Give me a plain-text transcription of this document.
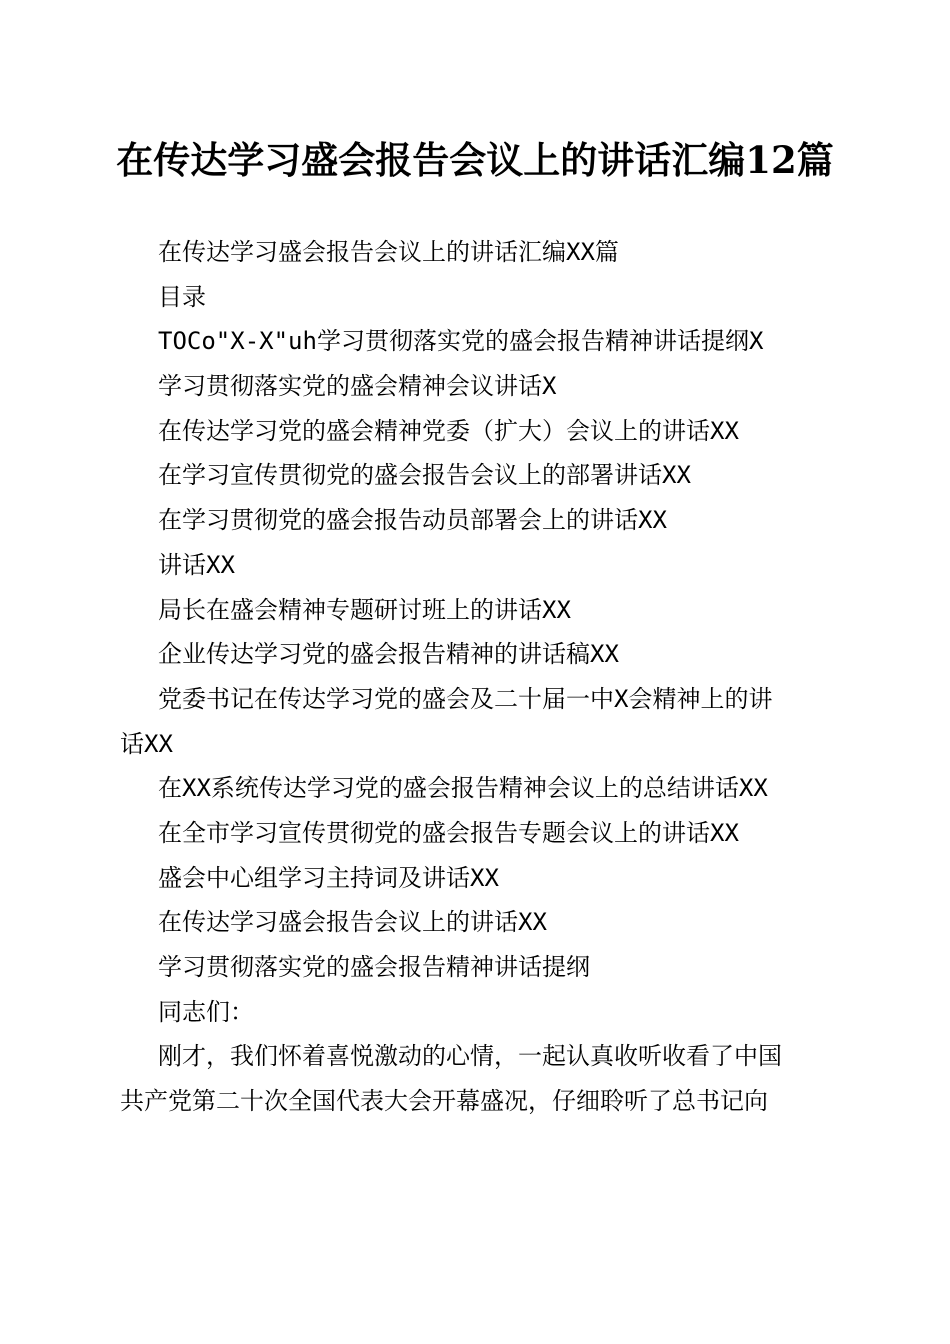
在传达学习盛会报告会议上的讲话汇编12篇

在传达学习盛会报告会议上的讲话汇编XX篇

目录

TOCo"X-X"uh学习贯彻落实党的盛会报告精神讲话提纲X

学习贯彻落实党的盛会精神会议讲话X

在传达学习党的盛会精神党委（扩大）会议上的讲话XX

在学习宣传贯彻党的盛会报告会议上的部署讲话XX

在学习贯彻党的盛会报告动员部署会上的讲话XX

讲话XX

局长在盛会精神专题研讨班上的讲话XX

企业传达学习党的盛会报告精神的讲话稿XX

党委书记在传达学习党的盛会及二十届一中X会精神上的讲

话XX

在XX系统传达学习党的盛会报告精神会议上的总结讲话XX

在全市学习宣传贯彻党的盛会报告专题会议上的讲话XX

盛会中心组学习主持词及讲话XX

在传达学习盛会报告会议上的讲话XX

学习贯彻落实党的盛会报告精神讲话提纲

同志们：

刚才，我们怀着喜悦激动的心情，一起认真收听收看了中国

共产党第二十次全国代表大会开幕盛况，仔细聆听了总书记向
